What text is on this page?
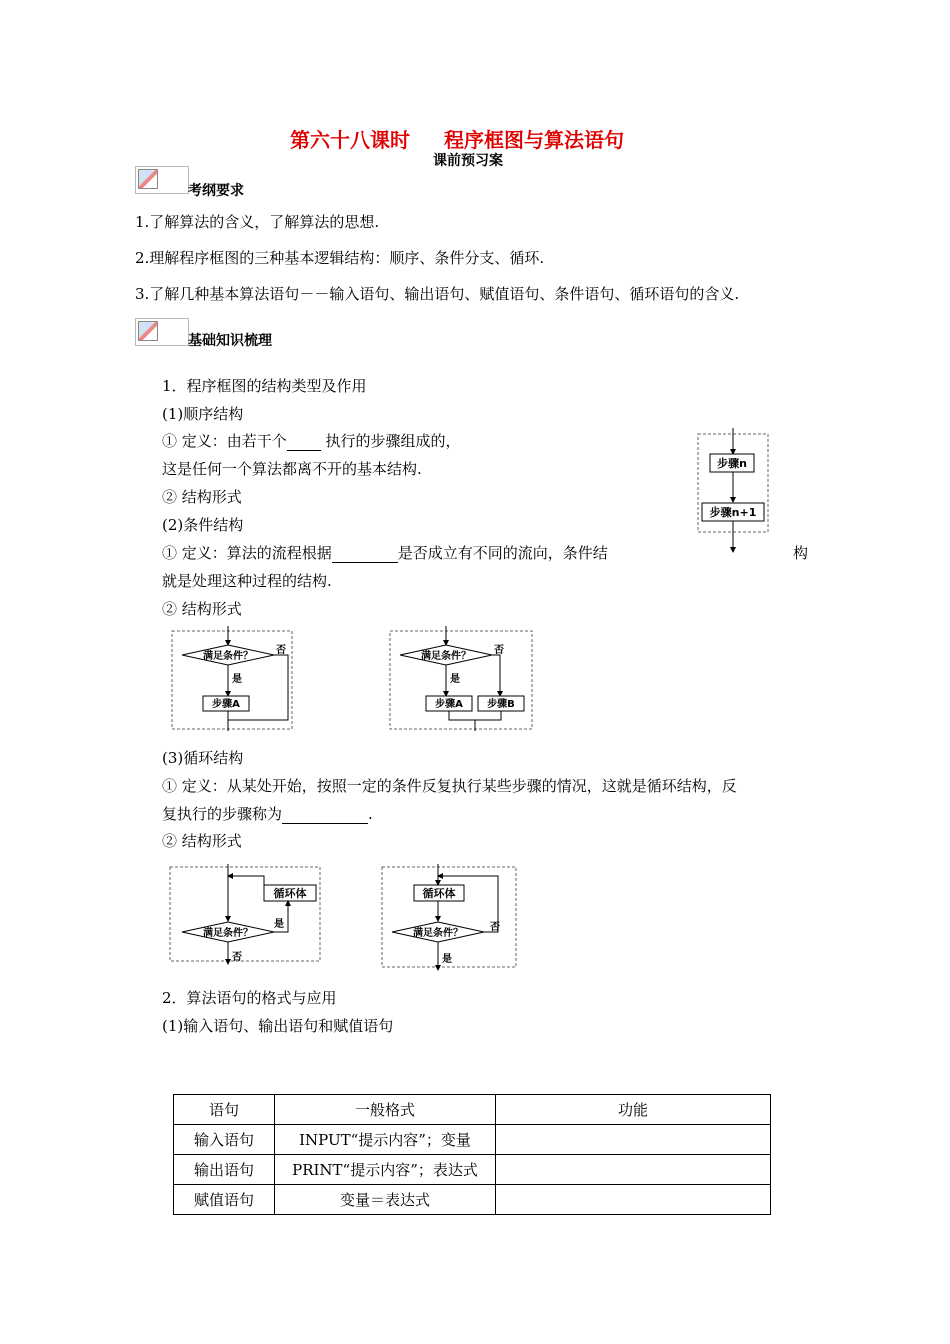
第六十八课时 程序框图与算法语句
课前预习案
考纲要求
1.了解算法的含义，了解算法的思想.
2.理解程序框图的三种基本逻辑结构：顺序、条件分支、循环.
3.了解几种基本算法语句－－输入语句、输出语句、赋值语句、条件语句、循环语句的含义.
基础知识梳理
1．程序框图的结构类型及作用
(1)顺序结构
① 定义：由若干个 执行的步骤组成的，
这是任何一个算法都离不开的基本结构.
② 结构形式
(2)条件结构
① 定义：算法的流程根据	是否成立有不同的流向，条件结	构
就是处理这种过程的结构.
② 结构形式
步骤n
步骤n+1
满足条件？
否
是
步骤A
满足条件？
否
是
步骤A 步骤B
(3)循环结构
① 定义：从某处开始，按照一定的条件反复执行某些步骤的情况，这就是循环结构，反
复执行的步骤称为	.
② 结构形式
循环体
满足条件？
是
否
循环体
满足条件？
否
是
2．算法语句的格式与应用
(1)输入语句、输出语句和赋值语句
语句	一般格式	功能
输入语句	INPUT“提示内容”；变量	
输出语句	PRINT“提示内容”；表达式	
赋值语句	变量＝表达式	
